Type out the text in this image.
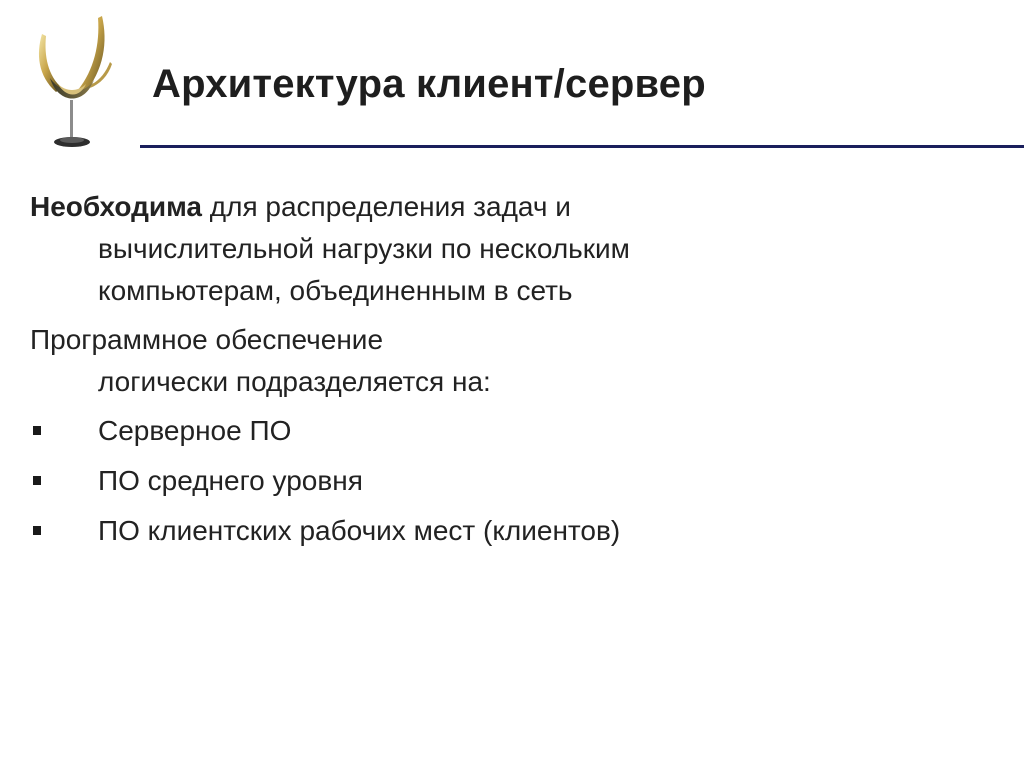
Архитектура клиент/сервер

Необходима для распределения задач и
вычислительной нагрузки по нескольким
компьютерам, объединенным в сеть

Программное обеспечение
логически подразделяется на:

Серверное ПО
ПО среднего уровня
ПО клиентских рабочих мест (клиентов)
